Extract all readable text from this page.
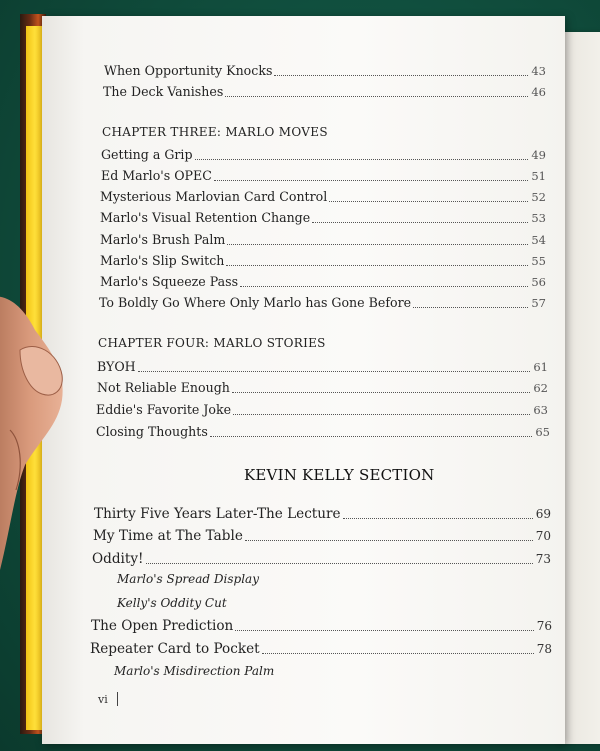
When Opportunity Knocks	43
The Deck Vanishes	46
CHAPTER THREE: MARLO MOVES
Getting a Grip	49
Ed Marlo's OPEC	51
Mysterious Marlovian Card Control	52
Marlo's Visual Retention Change	53
Marlo's Brush Palm	54
Marlo's Slip Switch	55
Marlo's Squeeze Pass	56
To Boldly Go Where Only Marlo has Gone Before	57
CHAPTER FOUR: MARLO STORIES
BYOH	61
Not Reliable Enough	62
Eddie's Favorite Joke	63
Closing Thoughts	65
KEVIN KELLY SECTION
Thirty Five Years Later-The Lecture	69
My Time at The Table	70
Oddity!	73
Marlo's Spread Display
Kelly's Oddity Cut
The Open Prediction	76
Repeater Card to Pocket	78
Marlo's Misdirection Palm
vi
